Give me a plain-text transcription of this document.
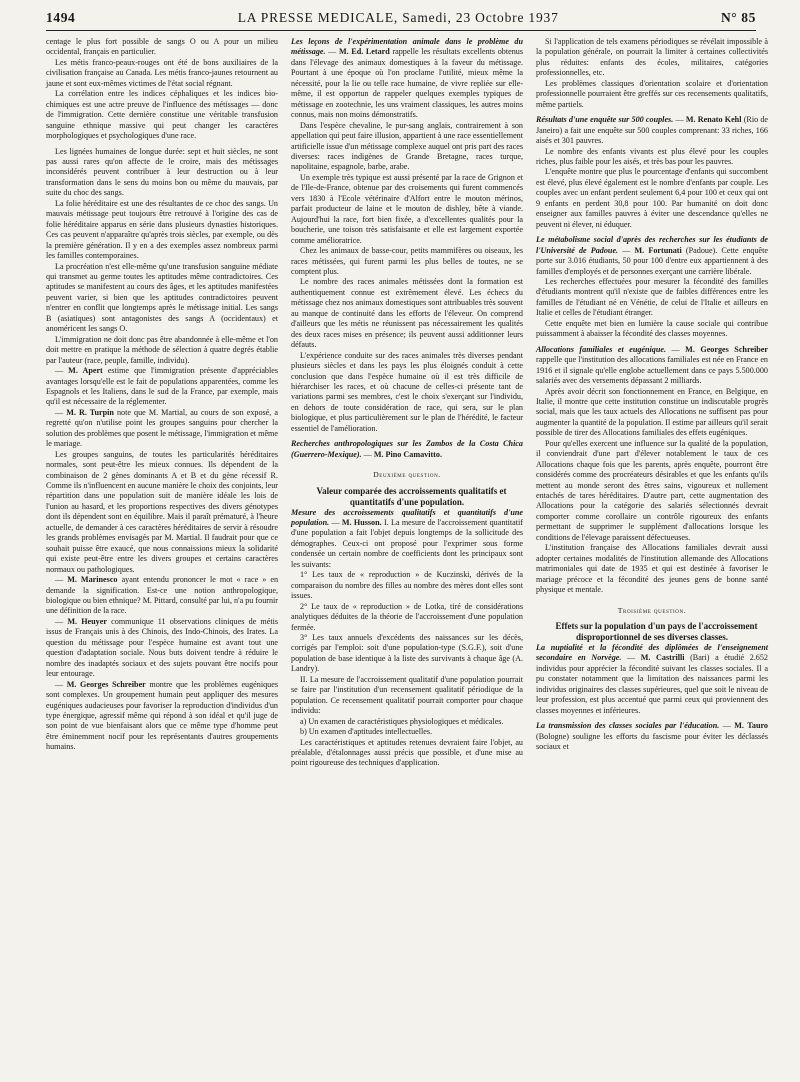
1494	LA PRESSE MEDICALE, Samedi, 23 Octobre 1937	N° 85

centage le plus fort possible de sangs O ou A pour un milieu occidental, français en particulier.

Les métis franco-peaux-rouges ont été de bons auxiliaires de la civilisation française au Canada. Les métis franco-jaunes retournent au jaune et sont eux-mêmes victimes de l'état social régnant.

La corrélation entre les indices céphaliques et les indices bio-chimiques est une actre preuve de l'influence des métissages — donc de l'immigration. Cette dernière constitue une véritable transfusion sanguine ethnique massive qui peut changer les caractères morphologiques et psychologiques d'une race.

Les lignées humaines de longue durée: sept et huit siècles, ne sont pas aussi rares qu'on affecte de le croire, mais des métissages inconsidérés peuvent contribuer à leur destruction ou à leur transformation dans le sens du moins bon ou même du mauvais, par suite du choc des sangs.

La folie héréditaire est une des résultantes de ce choc des sangs. Un mauvais métissage peut toujours être retrouvé à l'origine des cas de folie héréditaire apparus en série dans plusieurs dynasties historiques. Ces cas peuvent n'apparaître qu'après trois siècles, par exemple, ou dès la première génération. Il y en a des exemples assez nombreux parmi les familles contemporaines.

La procréation n'est elle-même qu'une transfusion sanguine médiate qui transmet au germe toutes les aptitudes même contradictoires. Ces aptitudes se manifestent au cours des âges, et les aptitudes manifestées peuvent varier, si bien que les aptitudes contradictoires peuvent n'entrer en conflit que longtemps après le métissage initial. Les sangs B (asiatiques) sont antagonistes des sangs A (occidentaux) et anoméricent les sangs O.

L'immigration ne doit donc pas être abandonnée à elle-même et l'on doit mettre en pratique la méthode de sélection à quatre degrés établie par l'auteur (race, peuple, famille, individu).

— M. Apert estime que l'immigration présente d'appréciables avantages lorsqu'elle est le fait de populations apparentées, comme les Espagnols et les Italiens, dans le sud de la France, par exemple, mais qu'il est nécessaire de la réglementer.

— M. R. Turpin note que M. Martial, au cours de son exposé, a regretté qu'on n'utilise point les groupes sanguins pour chercher la solution des problèmes que posent le métissage, l'immigration et même le mariage.

Les groupes sanguins, de toutes les particularités héréditaires normales, sont peut-être les mieux connues. Ils dépendent de la combinaison de 2 gènes dominants A et B et du gène récessif R. Comme ils n'influencent en aucune manière le choix des conjoints, leur répartition dans une population suit de manière idéale les lois de l'union au hasard, et les proportions respectives des divers génotypes dont ils dépendent sont en équilibre. Mais il paraît prématuré, à l'heure actuelle, de demander à ces caractères héréditaires de servir à résoudre les grands problèmes envisagés par M. Martial. Il faudrait pour que ce souhait puisse être exaucé, que nous connaissions mieux la solidarité qui existe peut-être entre les divers groupes et certains caractères normaux ou pathologiques.

— M. Marinesco ayant entendu prononcer le mot « race » en demande la signification. Est-ce une notion anthropologique, biologique ou bien ethnique? M. Pittard, consulté par lui, n'a pu fournir une définition de la race.

— M. Heuyer communique 11 observations cliniques de métis issus de Français unis à des Chinois, des Indo-Chinois, des Irates. La question du métissage pour l'espèce humaine est avant tout une question d'adaptation sociale. Nous buts doivent tendre à réduire le nombre des inadaptés sociaux et des sujets pouvant être nocifs pour leur entourage.

— M. Georges Schreiber montre que les problèmes eugéniques sont complexes. Un groupement humain peut appliquer des mesures eugéniques audacieuses pour favoriser la reproduction d'individus d'un type énergique, agressif même qui répond à son idéal et qu'il juge de son point de vue bienfaisant alors que ce même type d'homme peut être éminemment nocif pour les représentants d'autres groupements humains.

Les leçons de l'expérimentation animale dans le problème du métissage. — M. Ed. Letard rappelle les résultats excellents obtenus dans l'élevage des animaux domestiques à la faveur du métissage. Pourtant à une époque où l'on proclame l'utilité, mieux même la nécessité, pour la lie ou telle race humaine, de vivre repliée sur elle-même, il est opportun de rappeler quelques exemples typiques de métissage en zootechnie, les uns vraiment classiques, les autres moins connus, mais non moins démonstratifs.

Dans l'espèce chevaline, le pur-sang anglais, contrairement à son appellation qui peut faire illusion, appartient à une race essentiellement artificielle issue d'un métissage complexe auquel ont pris part des races diverses: races indigènes de Grande Bretagne, races turque, napolitaine, espagnole, barbe, arabe.

Un exemple très typique est aussi présenté par la race de Grignon et de l'Ile-de-France, obtenue par des croisements qui furent commencés vers 1830 à l'Ecole vétérinaire d'Alfort entre le mouton mérinos, parfait producteur de laine et le mouton de dishley, bête à viande. Aujourd'hui la race, fort bien fixée, a d'excellentes qualités pour la boucherie, une toison très satisfaisante et elle est largement exportée comme amélioratrice.

Chez les animaux de basse-cour, petits mammifères ou oiseaux, les races métissées, qui furent parmi les plus belles de toutes, ne se comptent plus.

Le nombre des races animales métissées dont la formation est authentiquement connue est extrêmement élevé. Les échecs du métissage chez nos animaux domestiques sont attribuables très souvent au manque de continuité dans les efforts de l'éleveur. On comprend d'ailleurs que les métis ne réunissent pas nécessairement les qualités des deux races mises en présence; ils peuvent aussi additionner leurs défauts.

L'expérience conduite sur des races animales très diverses pendant plusieurs siècles et dans les pays les plus éloignés conduit à cette conclusion que dans l'espèce humaine où il est très difficile de hiérarchiser les races, et où chacune de celles-ci présente tant de variations parmi ses membres, c'est le choix s'exerçant sur l'individu, en dehors de toute considération de race, qui sera, sur le plan biologique, et plus particulièrement sur le plan de l'hérédité, le facteur essentiel de l'amélioration.

Recherches anthropologiques sur les Zambos de la Costa Chica (Guerrero-Mexique). — M. Pino Camavitto.

Deuxième question.

Valeur comparée des accroissements qualitatifs et quantitatifs d'une population.

Mesure des accroissements qualitatifs et quantitatifs d'une population. — M. Husson. I. La mesure de l'accroissement quantitatif d'une population a fait l'objet depuis longtemps de la sollicitude des démographes. Ceux-ci ont proposé pour l'exprimer sous forme condensée un certain nombre de coefficients dont les principaux sont les suivants:

1° Les taux de « reproduction » de Kuczinski, dérivés de la comparaison du nombre des filles au nombre des mères dont elles sont issues.

2° Le taux de « reproduction » de Lotka, tiré de considérations analytiques déduites de la théorie de l'accroissement d'une population fermée.

3° Les taux annuels d'excédents des naissances sur les décès, corrigés par l'emploi: soit d'une population-type (S.G.F.), soit d'une population de base identique à la liste des survivants à chaque âge (A. Landry).

II. La mesure de l'accroissement qualitatif d'une population pourrait se faire par l'institution d'un recensement qualitatif périodique de la population. Ce recensement qualitatif pourrait comporter pour chaque individu:

a) Un examen de caractéristiques physiologiques et médicales.

b) Un examen d'aptitudes intellectuelles.

Les caractéristiques et aptitudes retenues devraient faire l'objet, au préalable, d'étalonnages aussi précis que possible, et d'une mise au point rigoureuse des techniques d'application.

Si l'application de tels examens périodiques se révélait impossible à la population générale, on pourrait la limiter à certaines collectivités plus réduites: enfants des écoles, militaires, catégories professionnelles, etc.

Les problèmes classiques d'orientation scolaire et d'orientation professionnelle pourraient être greffés sur ces recensements qualitatifs, même partiels.

Résultats d'une enquête sur 500 couples. — M. Renato Kehl (Rio de Janeiro) a fait une enquête sur 500 couples comprenant: 33 riches, 166 aisés et 301 pauvres.

Le nombre des enfants vivants est plus élevé pour les couples riches, plus faible pour les aisés, et très bas pour les pauvres.

L'enquête montre que plus le pourcentage d'enfants qui succombent est élevé, plus élevé également est le nombre d'enfants par couple. Les couples avec un enfant perdent seulement 6,4 pour 100 et ceux qui ont 9 enfants en perdent 30,8 pour 100. Par humanité on doit donc enseigner aux familles pauvres à éviter une descendance qu'elles ne peuvent ni élever, ni éduquer.

Le métabolisme social d'après des recherches sur les étudiants de l'Université de Padoue. — M. Fortunati (Padoue). Cette enquête porte sur 3.016 étudiants, 50 pour 100 d'entre eux appartiennent à des familles d'employés et de personnes exerçant une carrière libérale.

Les recherches effectuées pour mesurer la fécondité des familles d'étudiants montrent qu'il n'existe que de faibles différences entre les familles de l'étudiant né en Vénétie, de celui de l'Italie et ailleurs en Italie et celles de l'étudiant étranger.

Cette enquête met bien en lumière la cause sociale qui contribue puissamment à abaisser la fécondité des classes moyennes.

Allocations familiales et eugénique. — M. Georges Schreiber rappelle que l'institution des allocations familiales est née en France en 1916 et il signale qu'elle englobe actuellement dans ce pays 5.500.000 salariés avec des versements dépassant 2 milliards.

Après avoir décrit son fonctionnement en France, en Belgique, en Italie, il montre que cette institution constitue un indiscutable progrès social, mais que les taux actuels des Allocations ne suffisent pas pour augmenter la quantité de la population. Il estime par ailleurs qu'il serait possible de tirer des Allocations familiales des effets eugéniques.

Pour qu'elles exercent une influence sur la qualité de la population, il conviendrait d'une part d'élever notablement le taux de ces Allocations chaque fois que les parents, après enquête, pourront être considérés comme des procréateurs désirables et que les enfants qu'ils mettent au monde seront des êtres sains, vigoureux et nullement entachés de tares héréditaires. D'autre part, cette augmentation des Allocations pour la catégorie des salariés sélectionnés devrait comporter comme corollaire un contrôle rigoureux des enfants permettant de supprimer le supplément d'allocations lorsque les conditions de l'élevage paraissent défectueuses.

L'institution française des Allocations familiales devrait aussi adopter certaines modalités de l'institution allemande des Allocations matrimoniales qui date de 1935 et qui est destinée à favoriser le mariage précoce et la fécondité des jeunes gens de bonne santé physique et mentale.

Troisième question.

Effets sur la population d'un pays de l'accroissement disproportionnel de ses diverses classes.

La nuptialité et la fécondité des diplômées de l'enseignement secondaire en Norvège. — M. Castrilli (Bari) a étudié 2.652 individus pour apprécier la fécondité suivant les classes sociales. Il a pu constater notamment que la limitation des naissances parmi les individus originaires des classes supérieures, quel que soit le niveau de leur profession, est plus accentué que parmi ceux qui proviennent des classes moyennes et inférieures.

La transmission des classes sociales par l'éducation. — M. Tauro (Bologne) souligne les efforts du fascisme pour éviter les déclassés sociaux et
